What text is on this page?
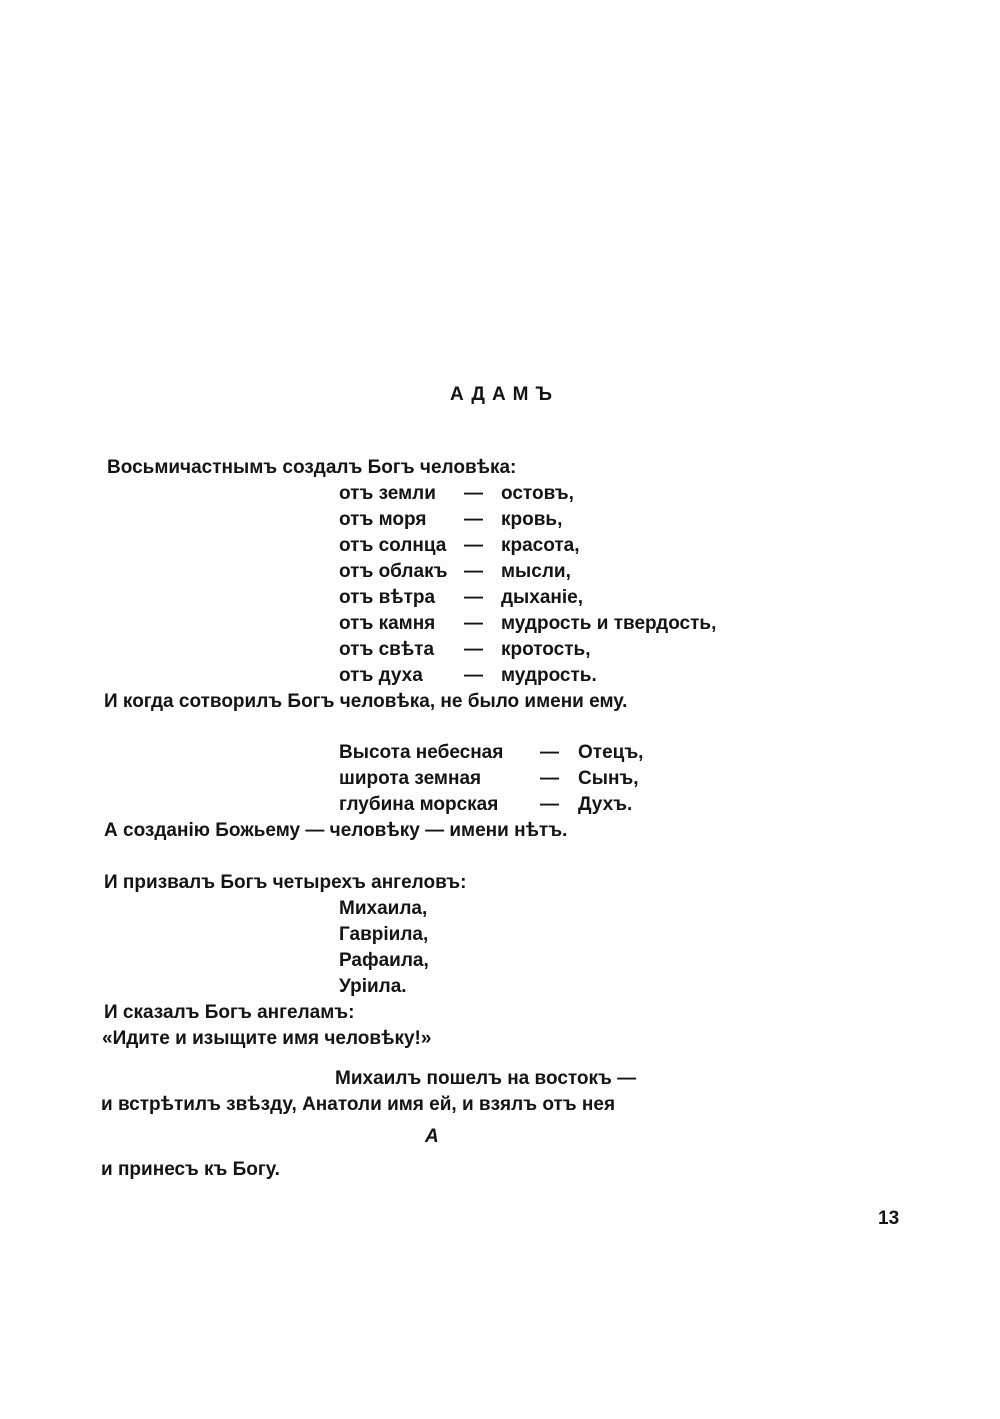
АДАМЪ
Восьмичастнымъ создалъ Богъ человѣка:
отъ земли — остовъ,
отъ моря — кровь,
отъ солнца — красота,
отъ облакъ — мысли,
отъ вѣтра — дыханіе,
отъ камня — мудрость и твердость,
отъ свѣта — кротость,
отъ духа — мудрость.
И когда сотворилъ Богъ человѣка, не было имени ему.
Высота небесная — Отецъ,
широта земная	— Сынъ,
глубина морская — Духъ.
А созданію Божьему — человѣку — имени нѣтъ.
И призвалъ Богъ четырехъ ангеловъ:
Михаила,
Гавріила,
Рафаила,
Уріила.
И сказалъ Богъ ангеламъ:
«Идите и изыщите имя человѣку!»
Михаилъ пошелъ на востокъ —
и встрѣтилъ звѣзду, Анатоли имя ей, и взялъ отъ нея
А
и принесъ къ Богу.
13
